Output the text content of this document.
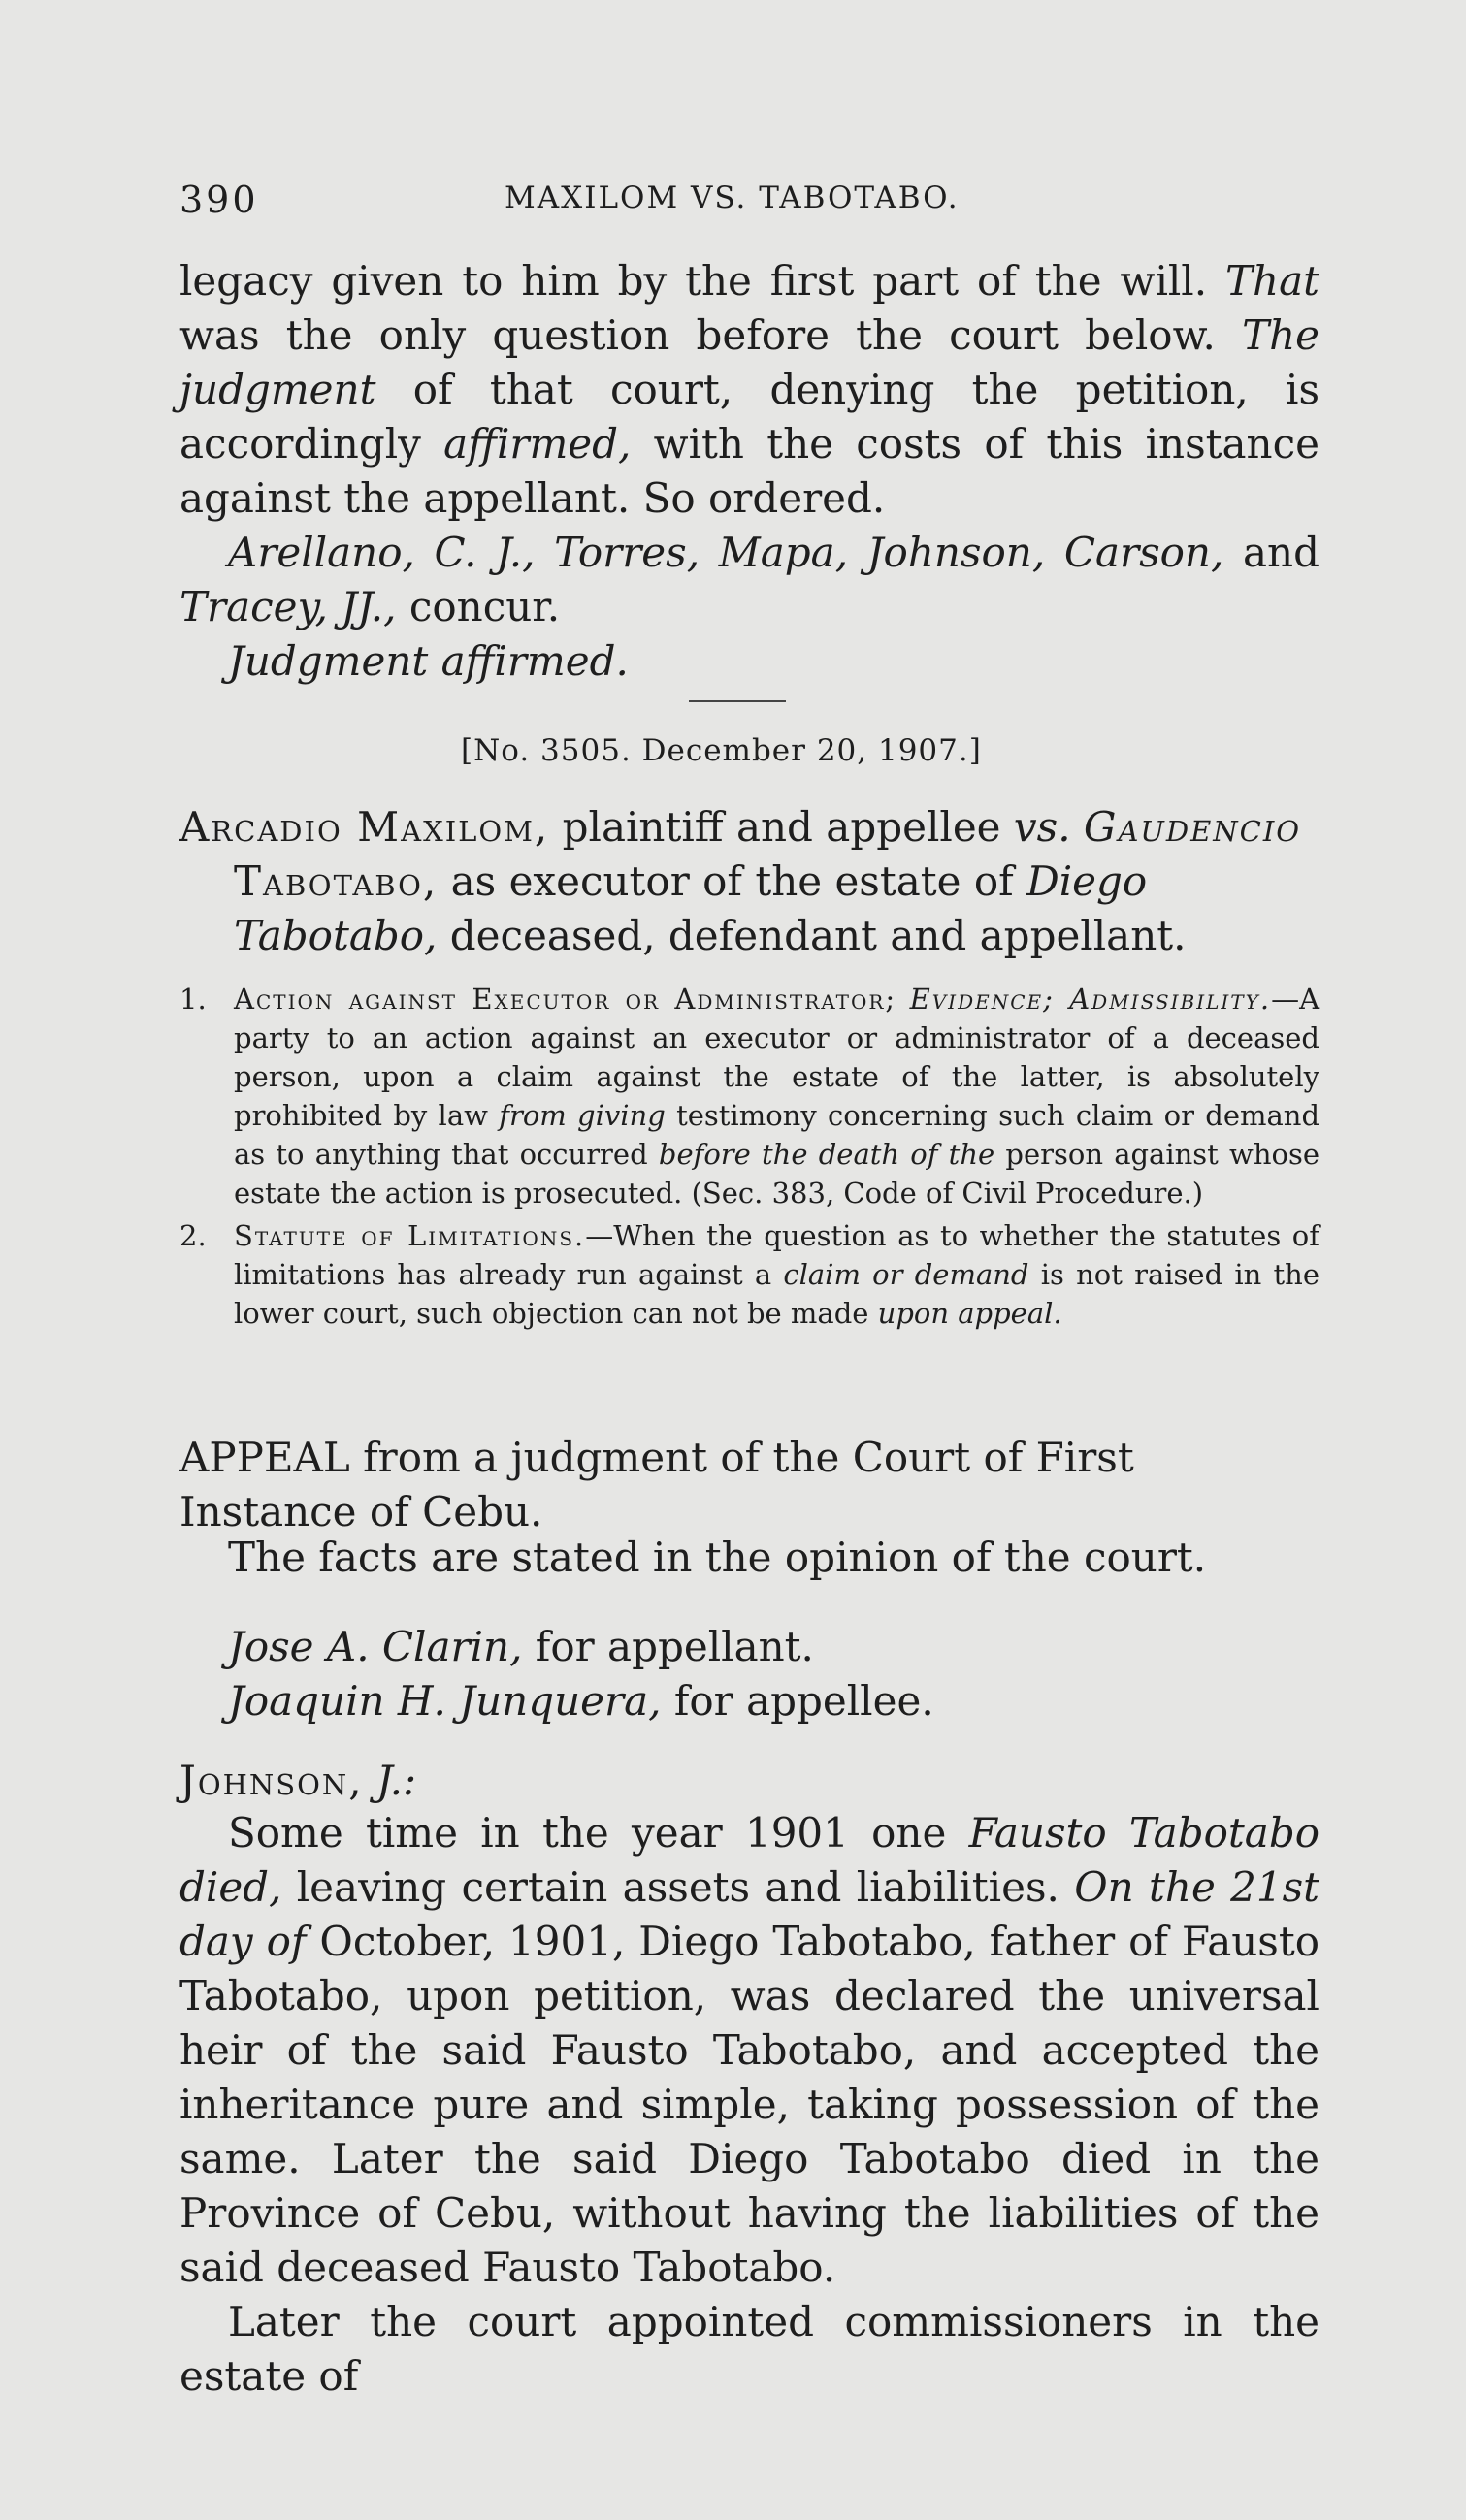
390	MAXILOM VS. TABOTABO.
legacy given to him by the first part of the will. That was the only question before the court below. The judgment of that court, denying the petition, is accordingly affirmed, with the costs of this instance against the appellant. So ordered.
Arellano, C. J., Torres, Mapa, Johnson, Carson, and Tracey, JJ., concur.
Judgment affirmed.
[No. 3505. December 20, 1907.]
Arcadio Maxilom, plaintiff and appellee vs. Gaudencio
Tabotabo, as executor of the estate of Diego Tabotabo, deceased, defendant and appellant.
1. Action against Executor or Administrator; Evidence; Admissibility.—A party to an action against an executor or administrator of a deceased person, upon a claim against the estate of the latter, is absolutely prohibited by law from giving testimony concerning such claim or demand as to anything that occurred before the death of the person against whose estate the action is prosecuted. (Sec. 383, Code of Civil Procedure.)
2. Statute of Limitations.—When the question as to whether the statutes of limitations has already run against a claim or demand is not raised in the lower court, such objection can not be made upon appeal.
APPEAL from a judgment of the Court of First Instance of Cebu.
The facts are stated in the opinion of the court.
Jose A. Clarin, for appellant.
Joaquin H. Junquera, for appellee.
Johnson, J.:
Some time in the year 1901 one Fausto Tabotabo died, leaving certain assets and liabilities. On the 21st day of October, 1901, Diego Tabotabo, father of Fausto Tabotabo, upon petition, was declared the universal heir of the said Fausto Tabotabo, and accepted the inheritance pure and simple, taking possession of the same. Later the said Diego Tabotabo died in the Province of Cebu, without having the liabilities of the said deceased Fausto Tabotabo.
Later the court appointed commissioners in the estate of
